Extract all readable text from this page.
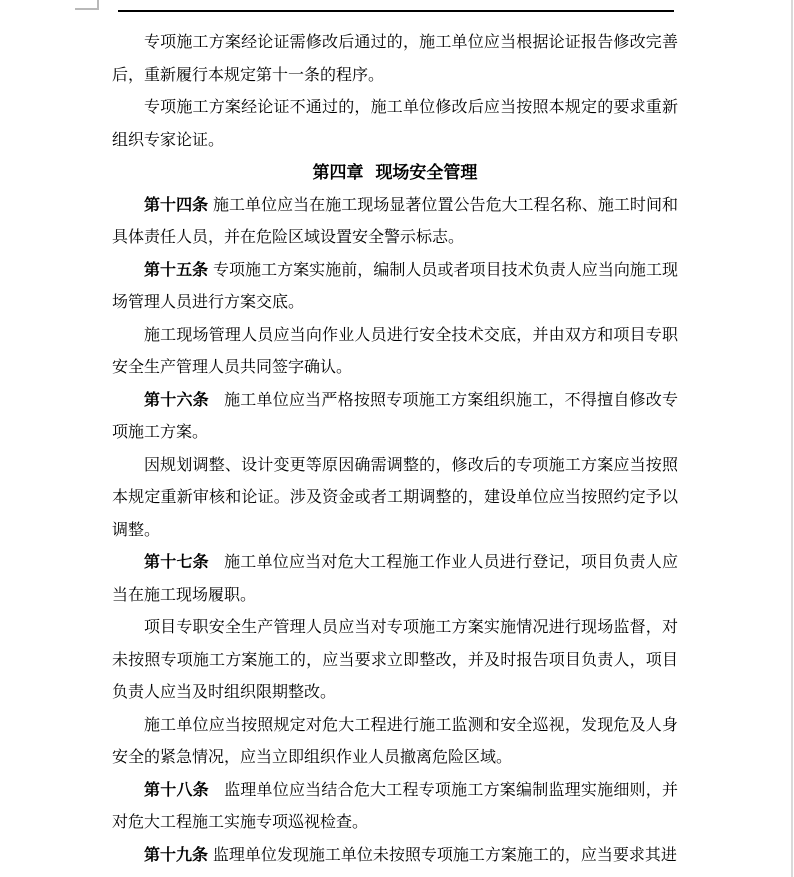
专项施工方案经论证需修改后通过的，施工单位应当根据论证报告修改完善后，重新履行本规定第十一条的程序。

专项施工方案经论证不通过的，施工单位修改后应当按照本规定的要求重新组织专家论证。

第四章 现场安全管理

第十四条 施工单位应当在施工现场显著位置公告危大工程名称、施工时间和具体责任人员，并在危险区域设置安全警示标志。

第十五条 专项施工方案实施前，编制人员或者项目技术负责人应当向施工现场管理人员进行方案交底。

施工现场管理人员应当向作业人员进行安全技术交底，并由双方和项目专职安全生产管理人员共同签字确认。

第十六条 施工单位应当严格按照专项施工方案组织施工，不得擅自修改专项施工方案。

因规划调整、设计变更等原因确需调整的，修改后的专项施工方案应当按照本规定重新审核和论证。涉及资金或者工期调整的，建设单位应当按照约定予以调整。

第十七条 施工单位应当对危大工程施工作业人员进行登记，项目负责人应当在施工现场履职。

项目专职安全生产管理人员应当对专项施工方案实施情况进行现场监督，对未按照专项施工方案施工的，应当要求立即整改，并及时报告项目负责人，项目负责人应当及时组织限期整改。

施工单位应当按照规定对危大工程进行施工监测和安全巡视，发现危及人身安全的紧急情况，应当立即组织作业人员撤离危险区域。

第十八条 监理单位应当结合危大工程专项施工方案编制监理实施细则，并对危大工程施工实施专项巡视检查。

第十九条 监理单位发现施工单位未按照专项施工方案施工的，应当要求其进
